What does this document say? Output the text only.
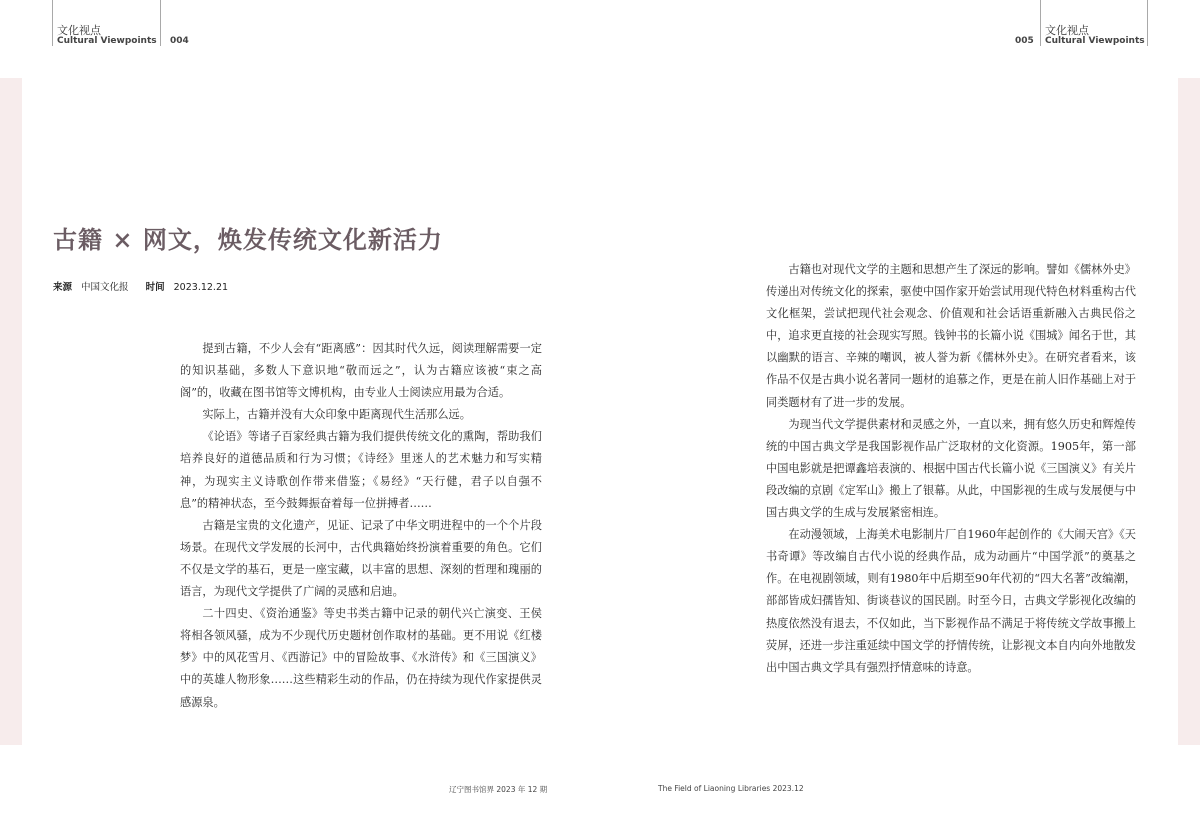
文化视点
Cultural Viewpoints 004	005
文化视点
Cultural Viewpoints
古籍 × 网文，焕发传统文化新活力
来源 中国文化报 时间 2023.12.21

提到古籍，不少人会有“距离感”：因其时代久远，阅读理解需要一定的知识基础，多数人下意识地“敬而远之”，认为古籍应该被“束之高阁”的，收藏在图书馆等文博机构，由专业人士阅读应用最为合适。

实际上，古籍并没有大众印象中距离现代生活那么远。

《论语》等诸子百家经典古籍为我们提供传统文化的熏陶，帮助我们培养良好的道德品质和行为习惯；《诗经》里迷人的艺术魅力和写实精神，为现实主义诗歌创作带来借鉴；《易经》“天行健，君子以自强不息”的精神状态，至今鼓舞振奋着每一位拼搏者……

古籍是宝贵的文化遗产，见证、记录了中华文明进程中的一个个片段场景。在现代文学发展的长河中，古代典籍始终扮演着重要的角色。它们不仅是文学的基石，更是一座宝藏，以丰富的思想、深刻的哲理和瑰丽的语言，为现代文学提供了广阔的灵感和启迪。

二十四史、《资治通鉴》等史书类古籍中记录的朝代兴亡演变、王侯将相各领风骚，成为不少现代历史题材创作取材的基础。更不用说《红楼梦》中的风花雪月、《西游记》中的冒险故事、《水浒传》和《三国演义》中的英雄人物形象……这些精彩生动的作品，仍在持续为现代作家提供灵感源泉。

古籍也对现代文学的主题和思想产生了深远的影响。譬如《儒林外史》传递出对传统文化的探索，驱使中国作家开始尝试用现代特色材料重构古代文化框架，尝试把现代社会观念、价值观和社会话语重新融入古典民俗之中，追求更直接的社会现实写照。钱钟书的长篇小说《围城》闻名于世，其以幽默的语言、辛辣的嘲讽，被人誉为新《儒林外史》。在研究者看来，该作品不仅是古典小说名著同一题材的追慕之作，更是在前人旧作基础上对于同类题材有了进一步的发展。

为现当代文学提供素材和灵感之外，一直以来，拥有悠久历史和辉煌传统的中国古典文学是我国影视作品广泛取材的文化资源。1905年，第一部中国电影就是把谭鑫培表演的、根据中国古代长篇小说《三国演义》有关片段改编的京剧《定军山》搬上了银幕。从此，中国影视的生成与发展便与中国古典文学的生成与发展紧密相连。

在动漫领域，上海美术电影制片厂自1960年起创作的《大闹天宫》《天书奇谭》等改编自古代小说的经典作品，成为动画片“中国学派”的奠基之作。在电视剧领域，则有1980年中后期至90年代初的“四大名著”改编潮，部部皆成妇孺皆知、街谈巷议的国民剧。时至今日，古典文学影视化改编的热度依然没有退去，不仅如此，当下影视作品不满足于将传统文学故事搬上荧屏，还进一步注重延续中国文学的抒情传统，让影视文本自内向外地散发出中国古典文学具有强烈抒情意味的诗意。

辽宁图书馆界 2023 年 12 期	The Field of Liaoning Libraries 2023.12
